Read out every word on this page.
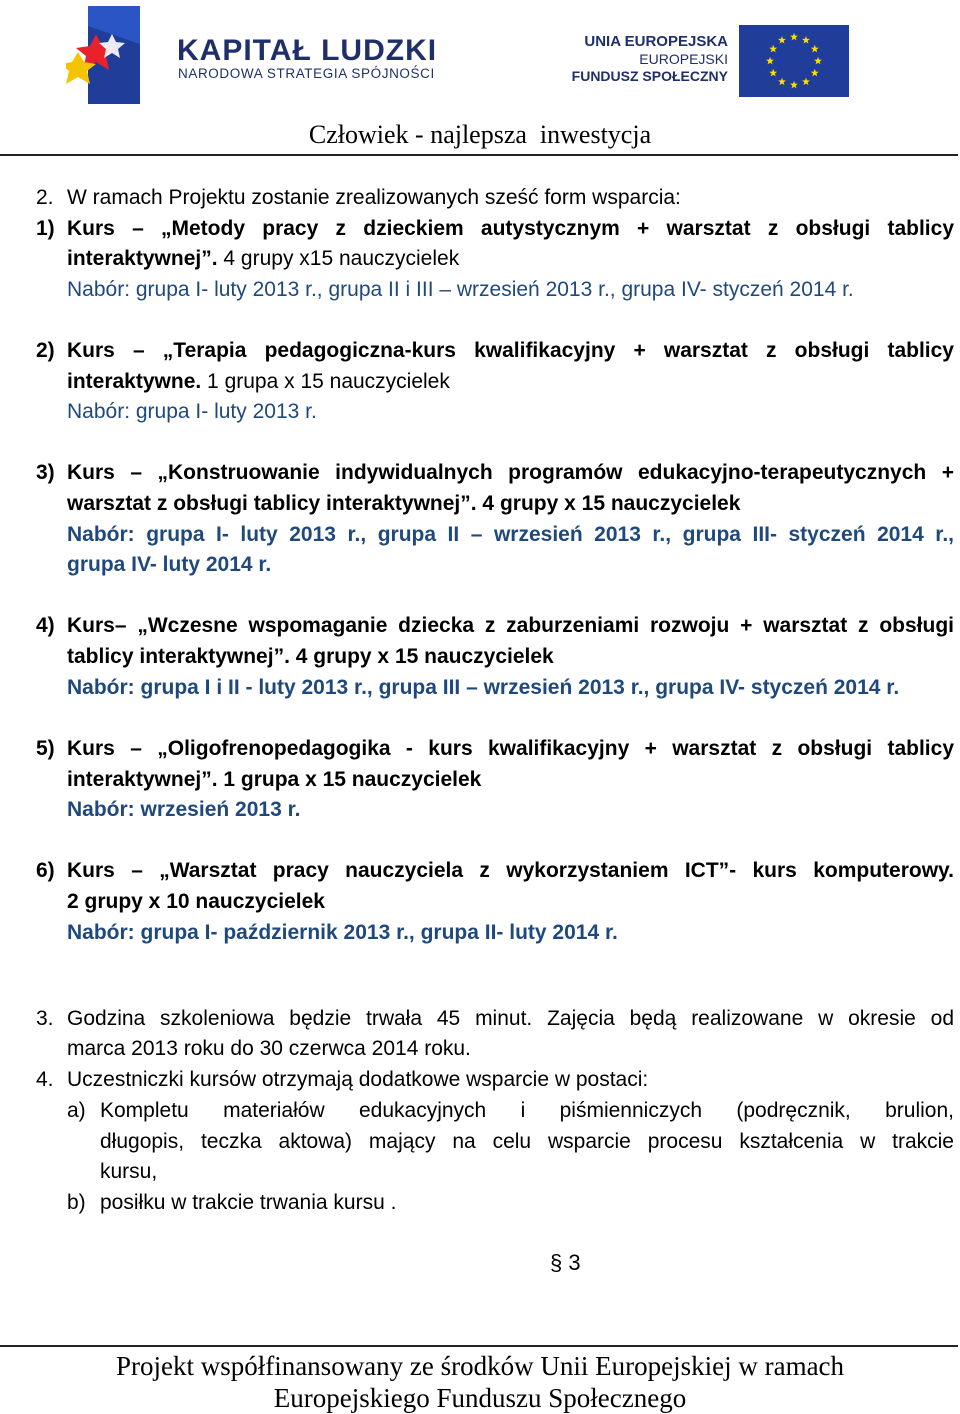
KAPITAŁ LUDZKI
NARODOWA STRATEGIA SPÓJNOŚCI
UNIA EUROPEJSKA
EUROPEJSKI
FUNDUSZ SPOŁECZNY
Człowiek - najlepsza  inwestycja
2. W ramach Projektu zostanie zrealizowanych sześć form wsparcia:
1) Kurs – „Metody pracy z dzieckiem autystycznym + warsztat z obsługi tablicy
interaktywnej”. 4 grupy x15 nauczycielek
Nabór: grupa I- luty 2013 r., grupa II i III – wrzesień 2013 r., grupa IV- styczeń 2014 r.
2) Kurs – „Terapia pedagogiczna-kurs kwalifikacyjny + warsztat z obsługi tablicy
interaktywne. 1 grupa x 15 nauczycielek
Nabór: grupa I- luty 2013 r.
3) Kurs – „Konstruowanie indywidualnych programów edukacyjno-terapeutycznych +
warsztat z obsługi tablicy interaktywnej”. 4 grupy x 15 nauczycielek
Nabór: grupa I- luty 2013 r., grupa II – wrzesień 2013 r., grupa III- styczeń 2014 r.,
grupa IV- luty 2014 r.
4) Kurs– „Wczesne wspomaganie dziecka z zaburzeniami rozwoju + warsztat z obsługi
tablicy interaktywnej”. 4 grupy x 15 nauczycielek
Nabór: grupa I i II - luty 2013 r., grupa III – wrzesień 2013 r., grupa IV- styczeń 2014 r.
5) Kurs – „Oligofrenopedagogika - kurs kwalifikacyjny + warsztat z obsługi tablicy
interaktywnej”. 1 grupa x 15 nauczycielek
Nabór: wrzesień 2013 r.
6) Kurs – „Warsztat pracy nauczyciela z wykorzystaniem ICT”- kurs komputerowy.
2 grupy x 10 nauczycielek
Nabór: grupa I- październik 2013 r., grupa II- luty 2014 r.
3. Godzina szkoleniowa będzie trwała 45 minut. Zajęcia będą realizowane w okresie od
marca 2013 roku do 30 czerwca 2014 roku.
4. Uczestniczki kursów otrzymają dodatkowe wsparcie w postaci:
a) Kompletu materiałów edukacyjnych i piśmienniczych (podręcznik, brulion,
długopis, teczka aktowa) mający na celu wsparcie procesu kształcenia w trakcie
kursu,
b) posiłku w trakcie trwania kursu .
§ 3
Projekt współfinansowany ze środków Unii Europejskiej w ramach
Europejskiego Funduszu Społecznego
